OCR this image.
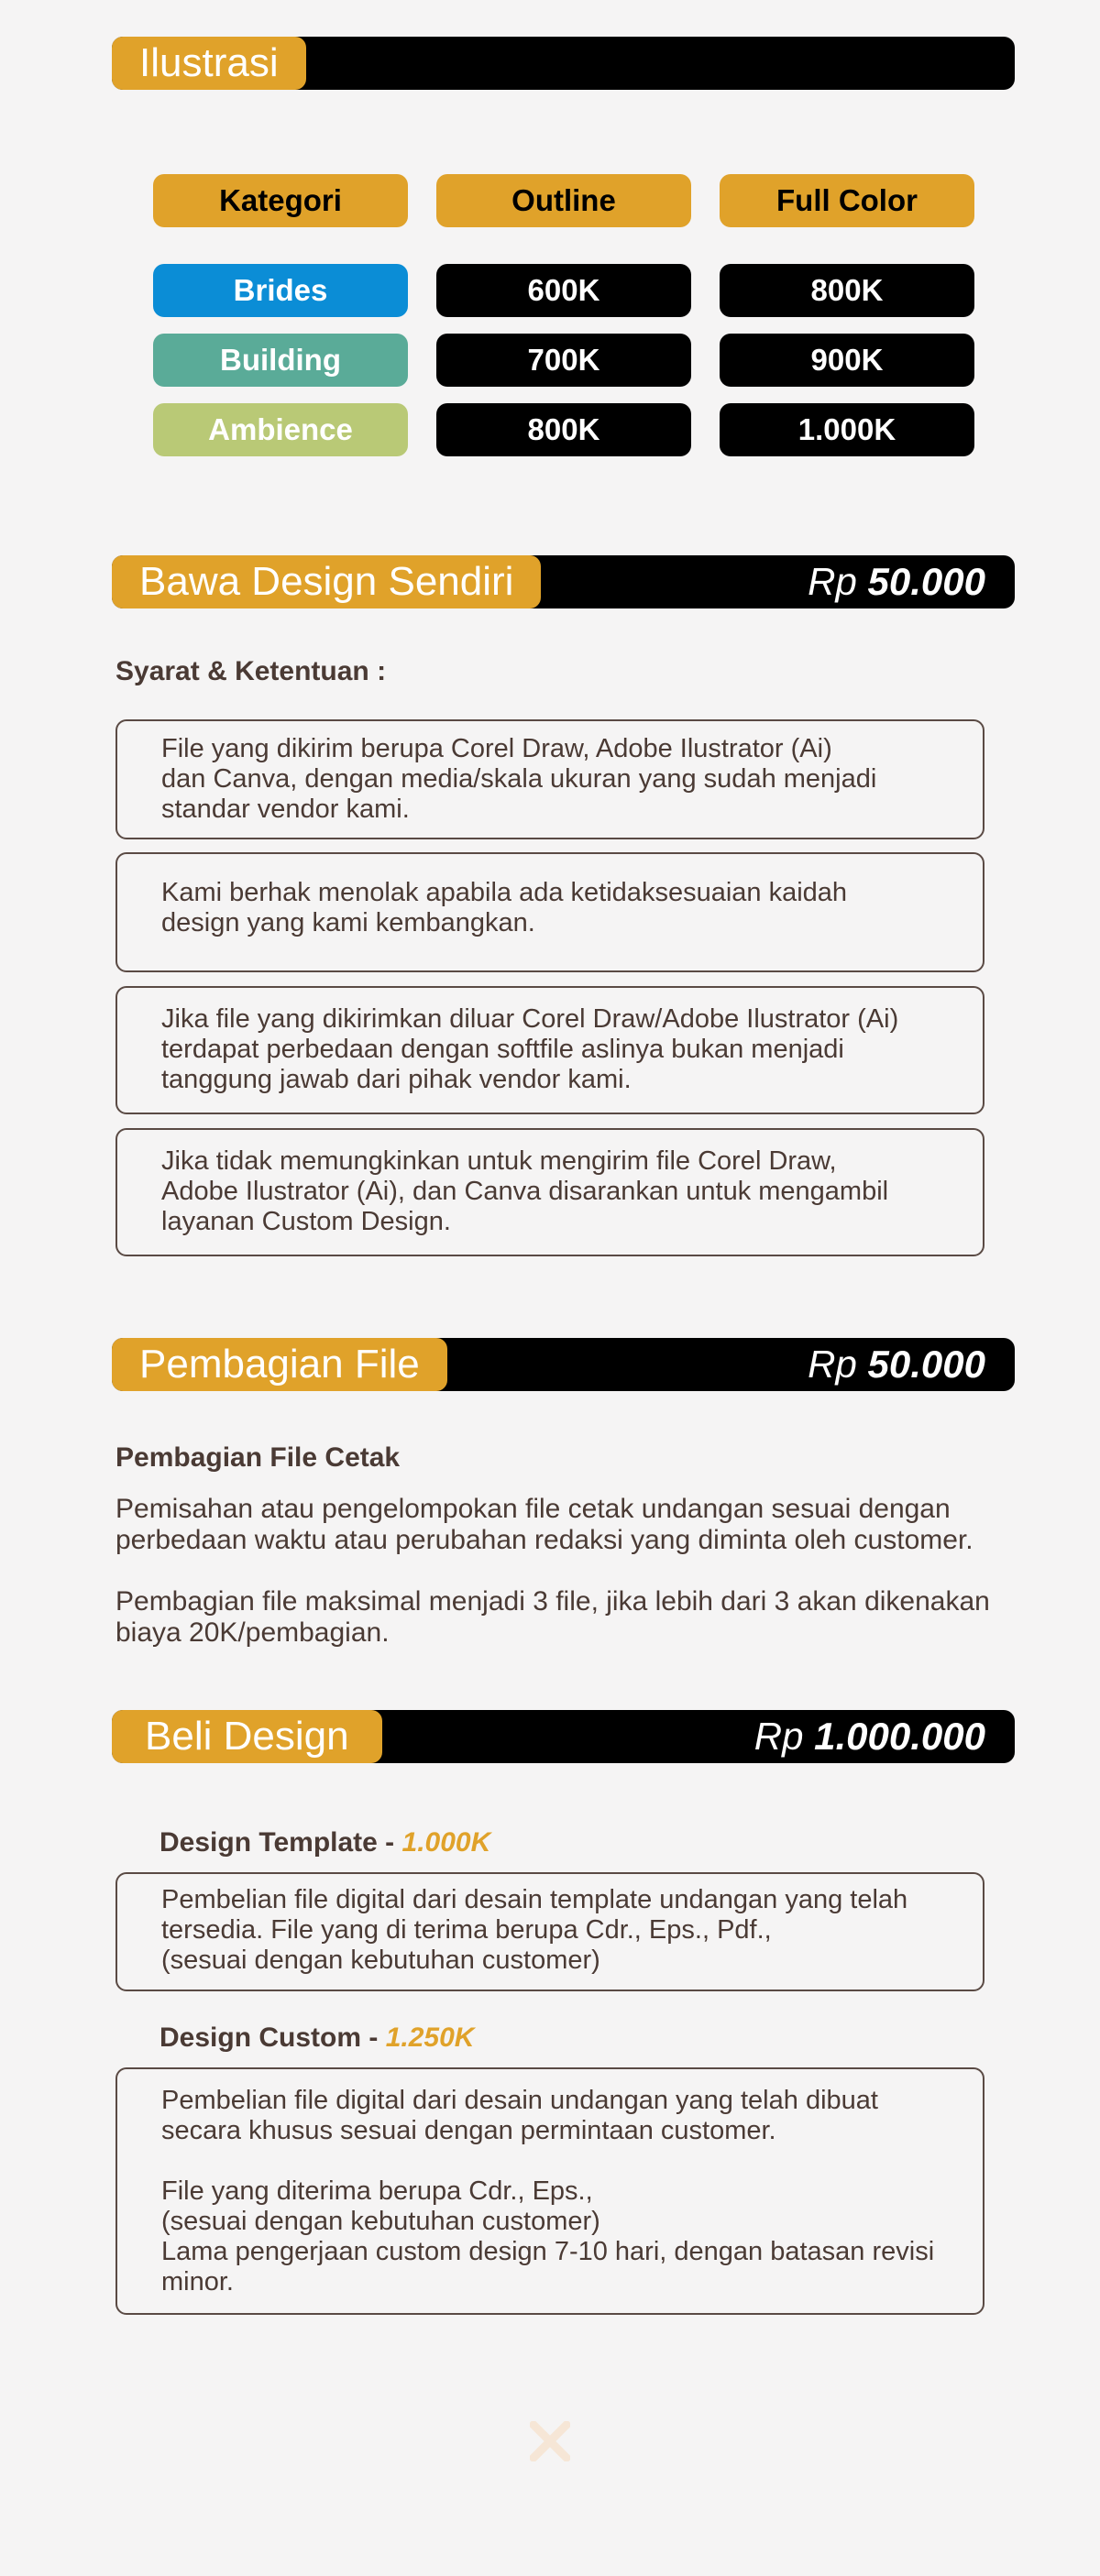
Ilustrasi
Kategori	Outline	Full Color
Brides	600K	800K
Building	700K	900K
Ambience	800K	1.000K
Bawa Design Sendiri	Rp 50.000
Syarat & Ketentuan :
File yang dikirim berupa Corel Draw, Adobe Ilustrator (Ai)
dan Canva, dengan media/skala ukuran yang sudah menjadi
standar vendor kami.
Kami berhak menolak apabila ada ketidaksesuaian kaidah
design yang kami kembangkan.
Jika file yang dikirimkan diluar Corel Draw/Adobe Ilustrator (Ai)
terdapat perbedaan dengan softfile aslinya bukan menjadi
tanggung jawab dari pihak vendor kami.
Jika tidak memungkinkan untuk mengirim file Corel Draw,
Adobe Ilustrator (Ai), dan Canva disarankan untuk mengambil
layanan Custom Design.
Pembagian File	Rp 50.000
Pembagian File Cetak
Pemisahan atau pengelompokan file cetak undangan sesuai dengan perbedaan waktu atau perubahan redaksi yang diminta oleh customer.
Pembagian file maksimal menjadi 3 file, jika lebih dari 3 akan dikenakan biaya 20K/pembagian.
Beli Design	Rp 1.000.000
Design Template - 1.000K
Pembelian file digital dari desain template undangan yang telah
tersedia. File yang di terima berupa Cdr., Eps., Pdf.,
(sesuai dengan kebutuhan customer)
Design Custom - 1.250K
Pembelian file digital dari desain undangan yang telah dibuat
secara khusus sesuai dengan permintaan customer.

File yang diterima berupa Cdr., Eps.,
(sesuai dengan kebutuhan customer)
Lama pengerjaan custom design 7-10 hari, dengan batasan revisi
minor.
